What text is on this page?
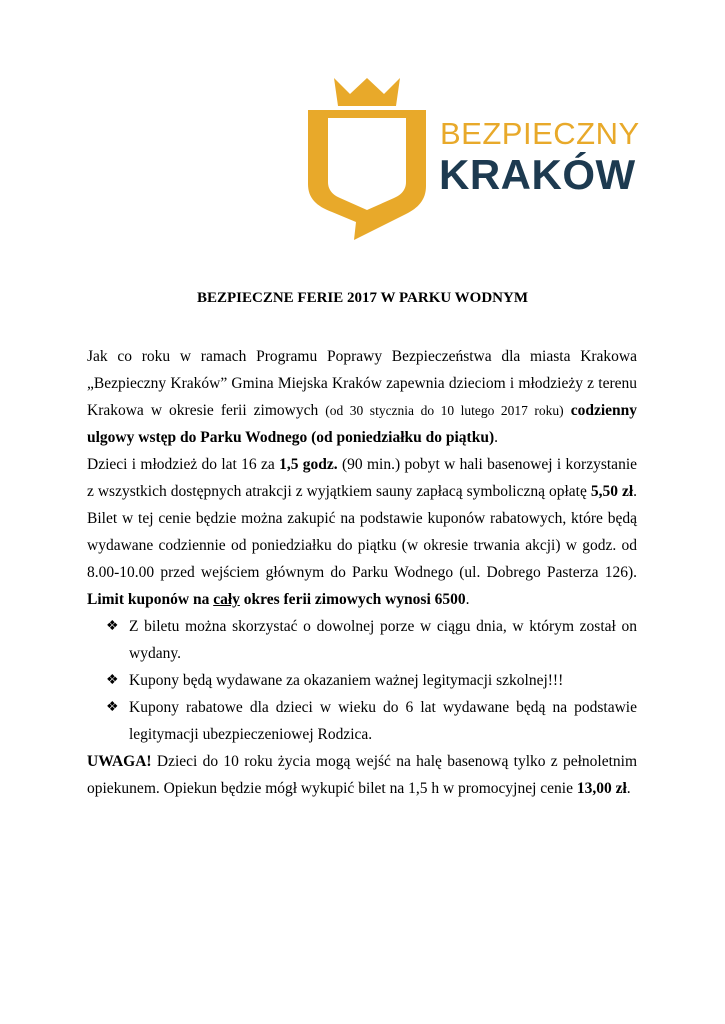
BEZPIECZNY
KRAKÓW
BEZPIECZNE FERIE 2017 W PARKU WODNYM

Jak co roku w ramach Programu Poprawy Bezpieczeństwa dla miasta Krakowa „Bezpieczny Kraków” Gmina Miejska Kraków zapewnia dzieciom i młodzieży z terenu Krakowa w okresie ferii zimowych (od 30 stycznia do 10 lutego 2017 roku) codzienny ulgowy wstęp do Parku Wodnego (od poniedziałku do piątku).

Dzieci i młodzież do lat 16 za 1,5 godz. (90 min.) pobyt w hali basenowej i korzystanie z wszystkich dostępnych atrakcji z wyjątkiem sauny zapłacą symboliczną opłatę 5,50 zł. Bilet w tej cenie będzie można zakupić na podstawie kuponów rabatowych, które będą wydawane codziennie od poniedziałku do piątku (w okresie trwania akcji) w godz. od 8.00-10.00 przed wejściem głównym do Parku Wodnego (ul. Dobrego Pasterza 126). Limit kuponów na cały okres ferii zimowych wynosi 6500.

❖ Z biletu można skorzystać o dowolnej porze w ciągu dnia, w którym został on wydany.
❖ Kupony będą wydawane za okazaniem ważnej legitymacji szkolnej!!!
❖ Kupony rabatowe dla dzieci w wieku do 6 lat wydawane będą na podstawie legitymacji ubezpieczeniowej Rodzica.

UWAGA! Dzieci do 10 roku życia mogą wejść na halę basenową tylko z pełnoletnim opiekunem. Opiekun będzie mógł wykupić bilet na 1,5 h w promocyjnej cenie 13,00 zł.
